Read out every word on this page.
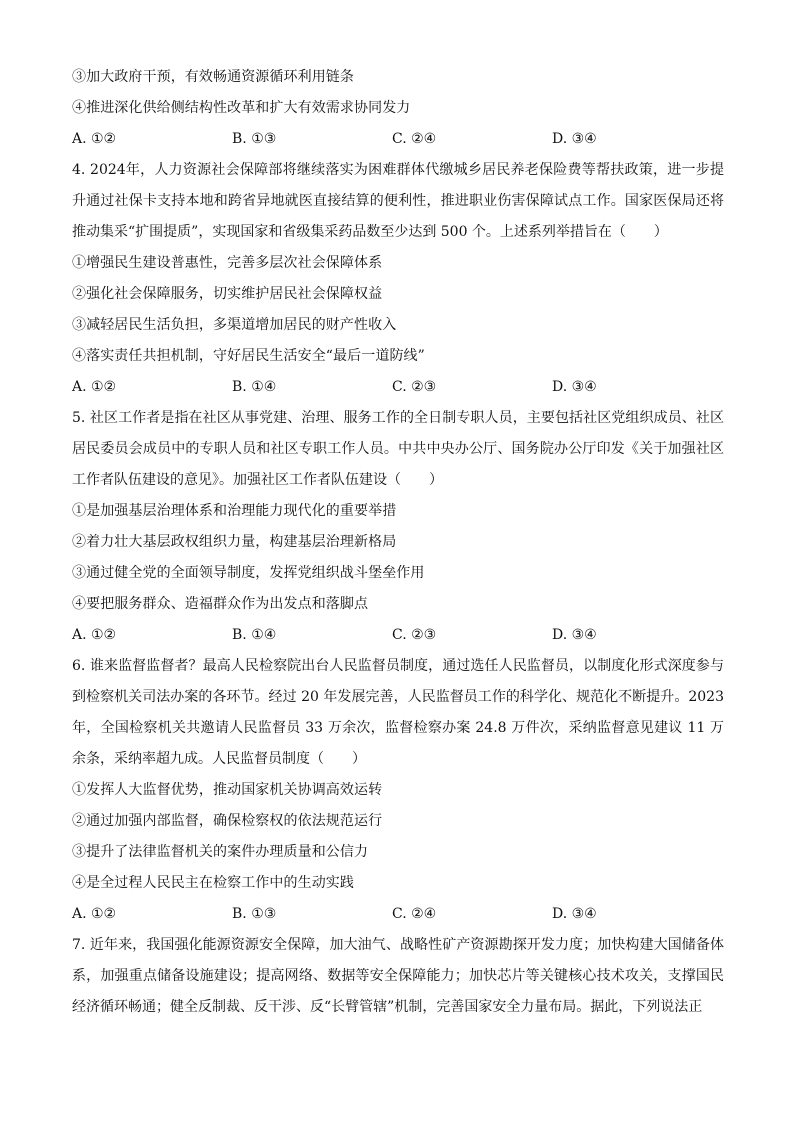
③加大政府干预，有效畅通资源循环利用链条
④推进深化供给侧结构性改革和扩大有效需求协同发力
A. ①②	B. ①③	C. ②④	D. ③④
4. 2024年，人力资源社会保障部将继续落实为困难群体代缴城乡居民养老保险费等帮扶政策，进一步提升通过社保卡支持本地和跨省异地就医直接结算的便利性，推进职业伤害保障试点工作。国家医保局还将推动集采“扩围提质”，实现国家和省级集采药品数至少达到 500 个。上述系列举措旨在（　　）
①增强民生建设普惠性，完善多层次社会保障体系
②强化社会保障服务，切实维护居民社会保障权益
③减轻居民生活负担，多渠道增加居民的财产性收入
④落实责任共担机制，守好居民生活安全“最后一道防线”
A. ①②	B. ①④	C. ②③	D. ③④
5. 社区工作者是指在社区从事党建、治理、服务工作的全日制专职人员，主要包括社区党组织成员、社区居民委员会成员中的专职人员和社区专职工作人员。中共中央办公厅、国务院办公厅印发《关于加强社区工作者队伍建设的意见》。加强社区工作者队伍建设（　　）
①是加强基层治理体系和治理能力现代化的重要举措
②着力壮大基层政权组织力量，构建基层治理新格局
③通过健全党的全面领导制度，发挥党组织战斗堡垒作用
④要把服务群众、造福群众作为出发点和落脚点
A. ①②	B. ①④	C. ②③	D. ③④
6. 谁来监督监督者？最高人民检察院出台人民监督员制度，通过选任人民监督员，以制度化形式深度参与到检察机关司法办案的各环节。经过 20 年发展完善，人民监督员工作的科学化、规范化不断提升。2023 年，全国检察机关共邀请人民监督员 33 万余次，监督检察办案 24.8 万件次，采纳监督意见建议 11 万余条，采纳率超九成。人民监督员制度（　　）
①发挥人大监督优势，推动国家机关协调高效运转
②通过加强内部监督，确保检察权的依法规范运行
③提升了法律监督机关的案件办理质量和公信力
④是全过程人民民主在检察工作中的生动实践
A. ①②	B. ①③	C. ②④	D. ③④
7. 近年来，我国强化能源资源安全保障，加大油气、战略性矿产资源勘探开发力度；加快构建大国储备体系，加强重点储备设施建设；提高网络、数据等安全保障能力；加快芯片等关键核心技术攻关，支撑国民经济循环畅通；健全反制裁、反干涉、反“长臂管辖”机制，完善国家安全力量布局。据此，下列说法正
